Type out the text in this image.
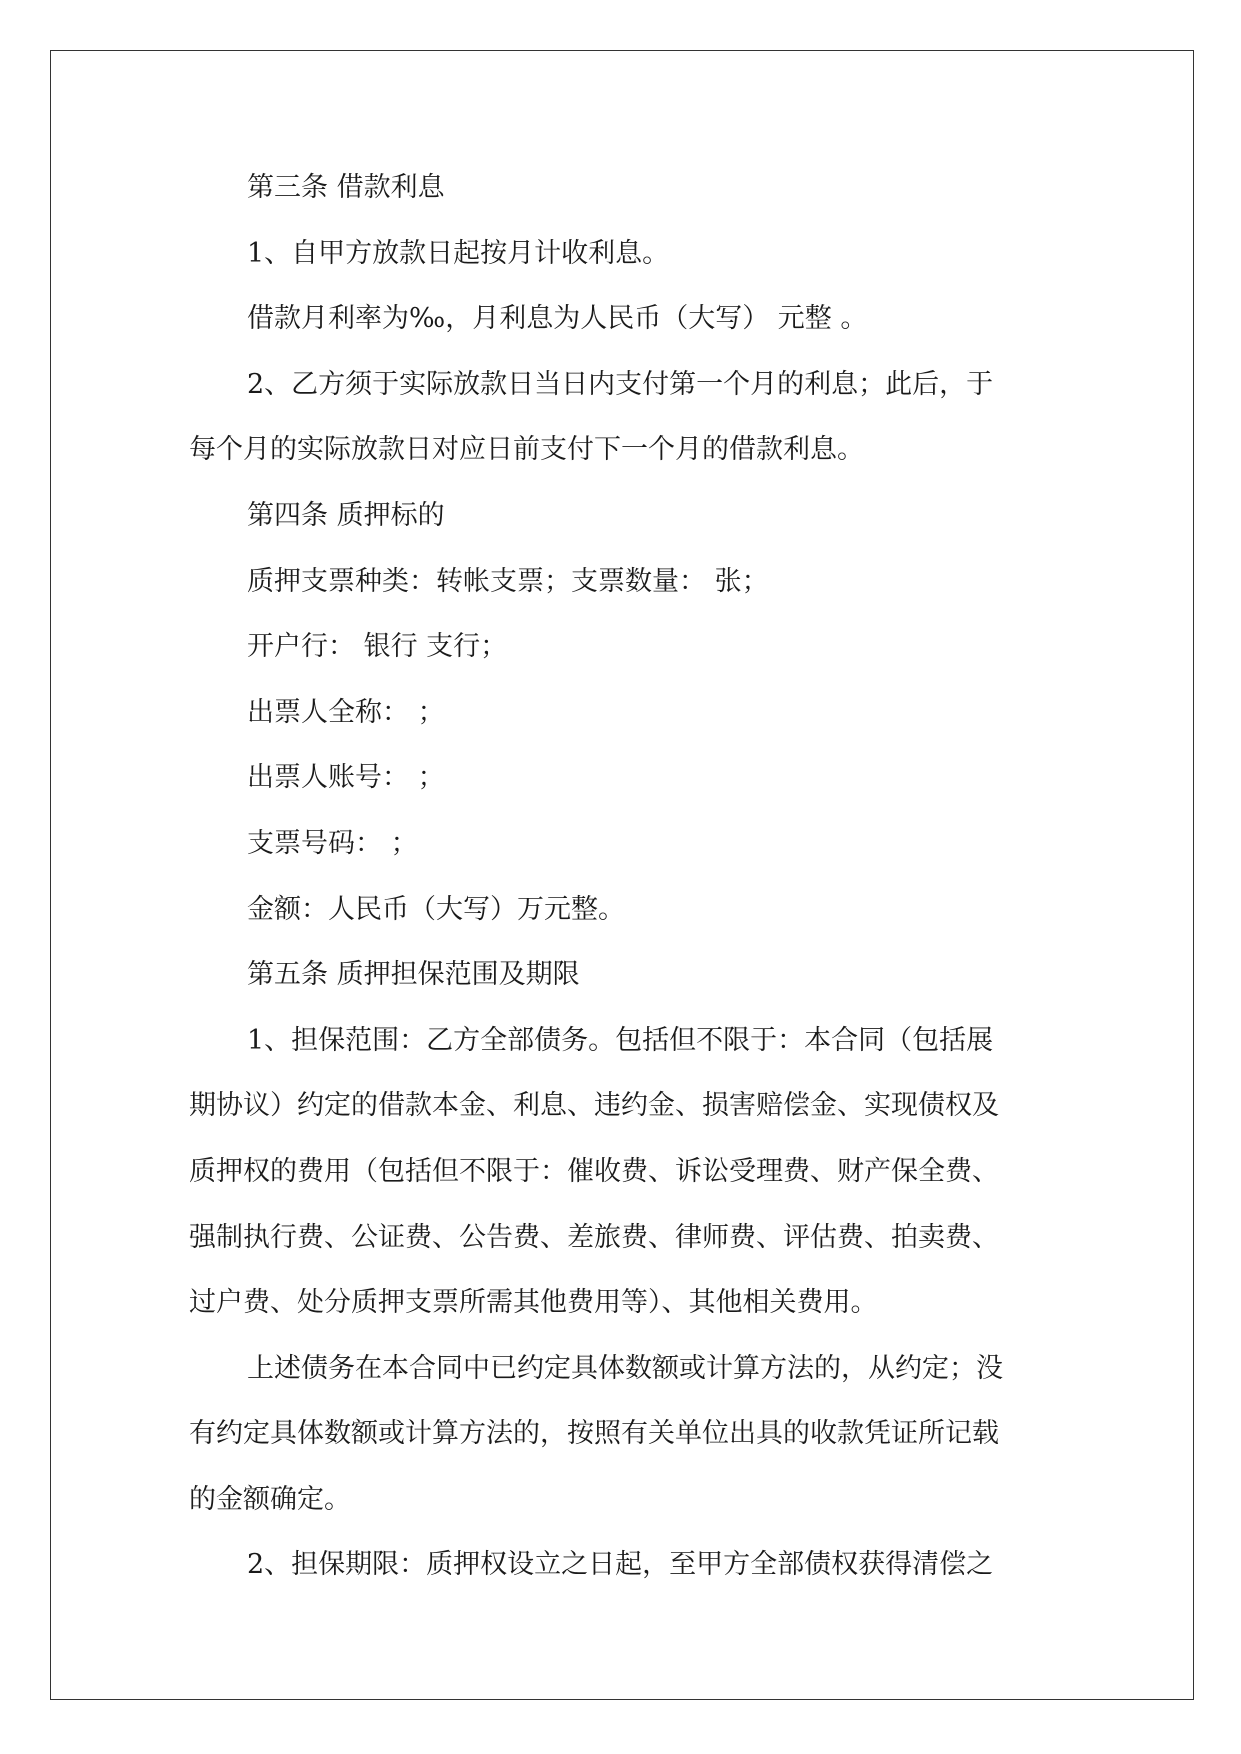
第三条 借款利息
1、自甲方放款日起按月计收利息。
借款月利率为‰，月利息为人民币（大写） 元整 。
2、乙方须于实际放款日当日内支付第一个月的利息；此后，于
每个月的实际放款日对应日前支付下一个月的借款利息。
第四条 质押标的
质押支票种类：转帐支票；支票数量： 张；
开户行： 银行 支行；
出票人全称： ；
出票人账号： ；
支票号码： ；
金额：人民币（大写）万元整。
第五条 质押担保范围及期限
1、担保范围：乙方全部债务。包括但不限于：本合同（包括展
期协议）约定的借款本金、利息、违约金、损害赔偿金、实现债权及
质押权的费用（包括但不限于：催收费、诉讼受理费、财产保全费、
强制执行费、公证费、公告费、差旅费、律师费、评估费、拍卖费、
过户费、处分质押支票所需其他费用等）、其他相关费用。
上述债务在本合同中已约定具体数额或计算方法的，从约定；没
有约定具体数额或计算方法的，按照有关单位出具的收款凭证所记载
的金额确定。
2、担保期限：质押权设立之日起，至甲方全部债权获得清偿之
